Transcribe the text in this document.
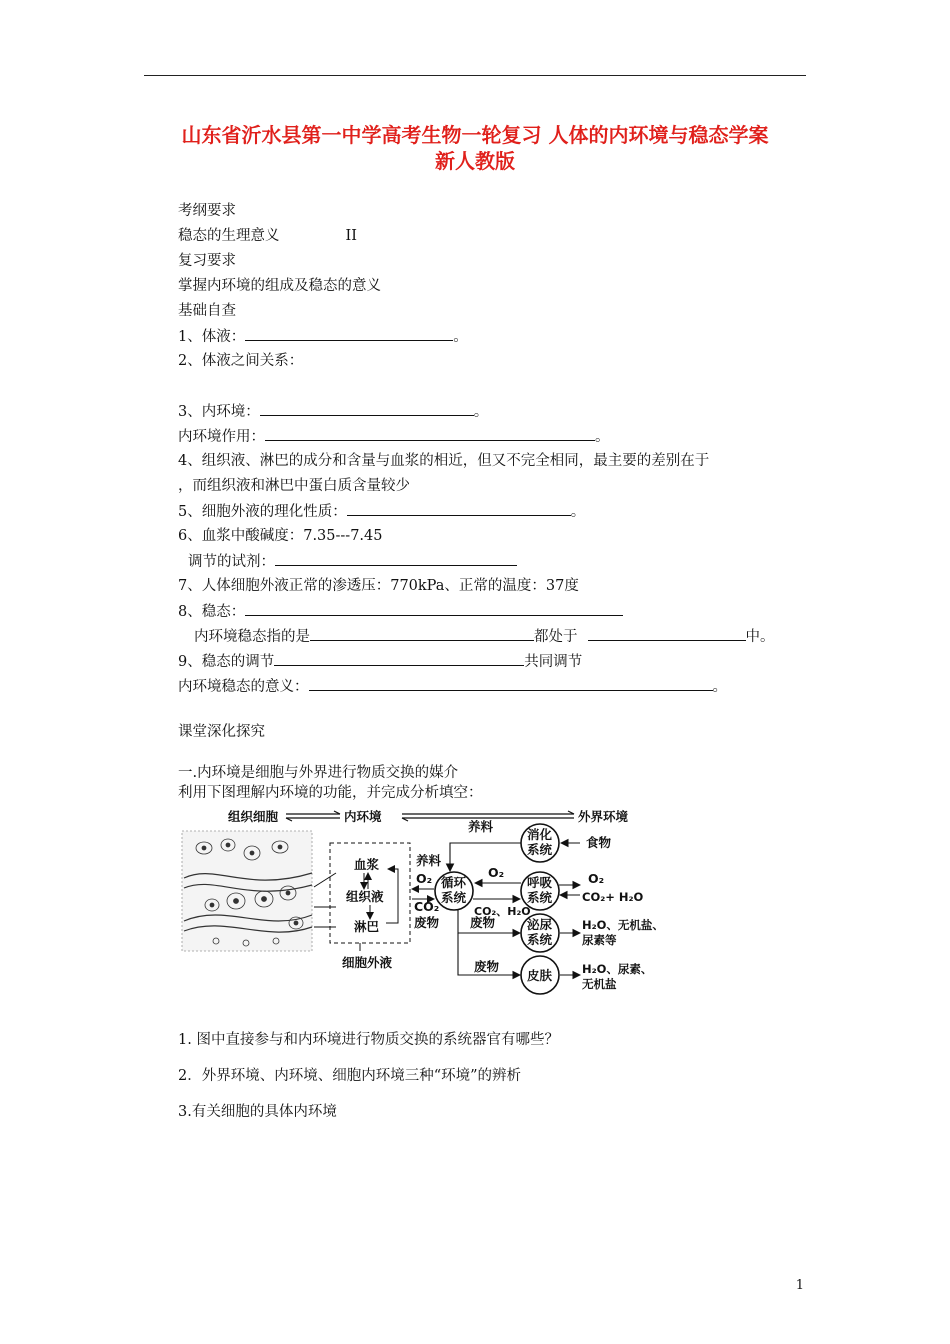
山东省沂水县第一中学高考生物一轮复习 人体的内环境与稳态学案
新人教版
考纲要求
稳态的生理意义	II
复习要求
掌握内环境的组成及稳态的意义
基础自查
1、体液：	。
2、体液之间关系：
3、内环境：	。
内环境作用：	。
4、组织液、淋巴的成分和含量与血浆的相近，但又不完全相同，最主要的差别在于
，而组织液和淋巴中蛋白质含量较少
5、细胞外液的理化性质：	。
6、血浆中酸碱度：7.35---7.45
调节的试剂：
7、人体细胞外液正常的渗透压：770kPa、正常的温度：37度
8、稳态：
内环境稳态指的是	都处于	中。
9、稳态的调节	共同调节
内环境稳态的意义：	。
课堂深化探究
一.内环境是细胞与外界进行物质交换的媒介
利用下图理解内环境的功能，并完成分析填空：
组织细胞	内环境	外界环境
血浆
组织液
淋巴
细胞外液
养料
O₂
CO₂
废物
循环
系统
消化
系统
养料
食物
呼吸
系统
O₂
CO₂、H₂O
O₂
CO₂+ H₂O
泌尿
系统
废物	H₂O、无机盐、
尿素等
皮肤
废物	H₂O、尿素、
无机盐
1. 图中直接参与和内环境进行物质交换的系统器官有哪些？
2．外界环境、内环境、细胞内环境三种“环境”的辨析
3.有关细胞的具体内环境
1
